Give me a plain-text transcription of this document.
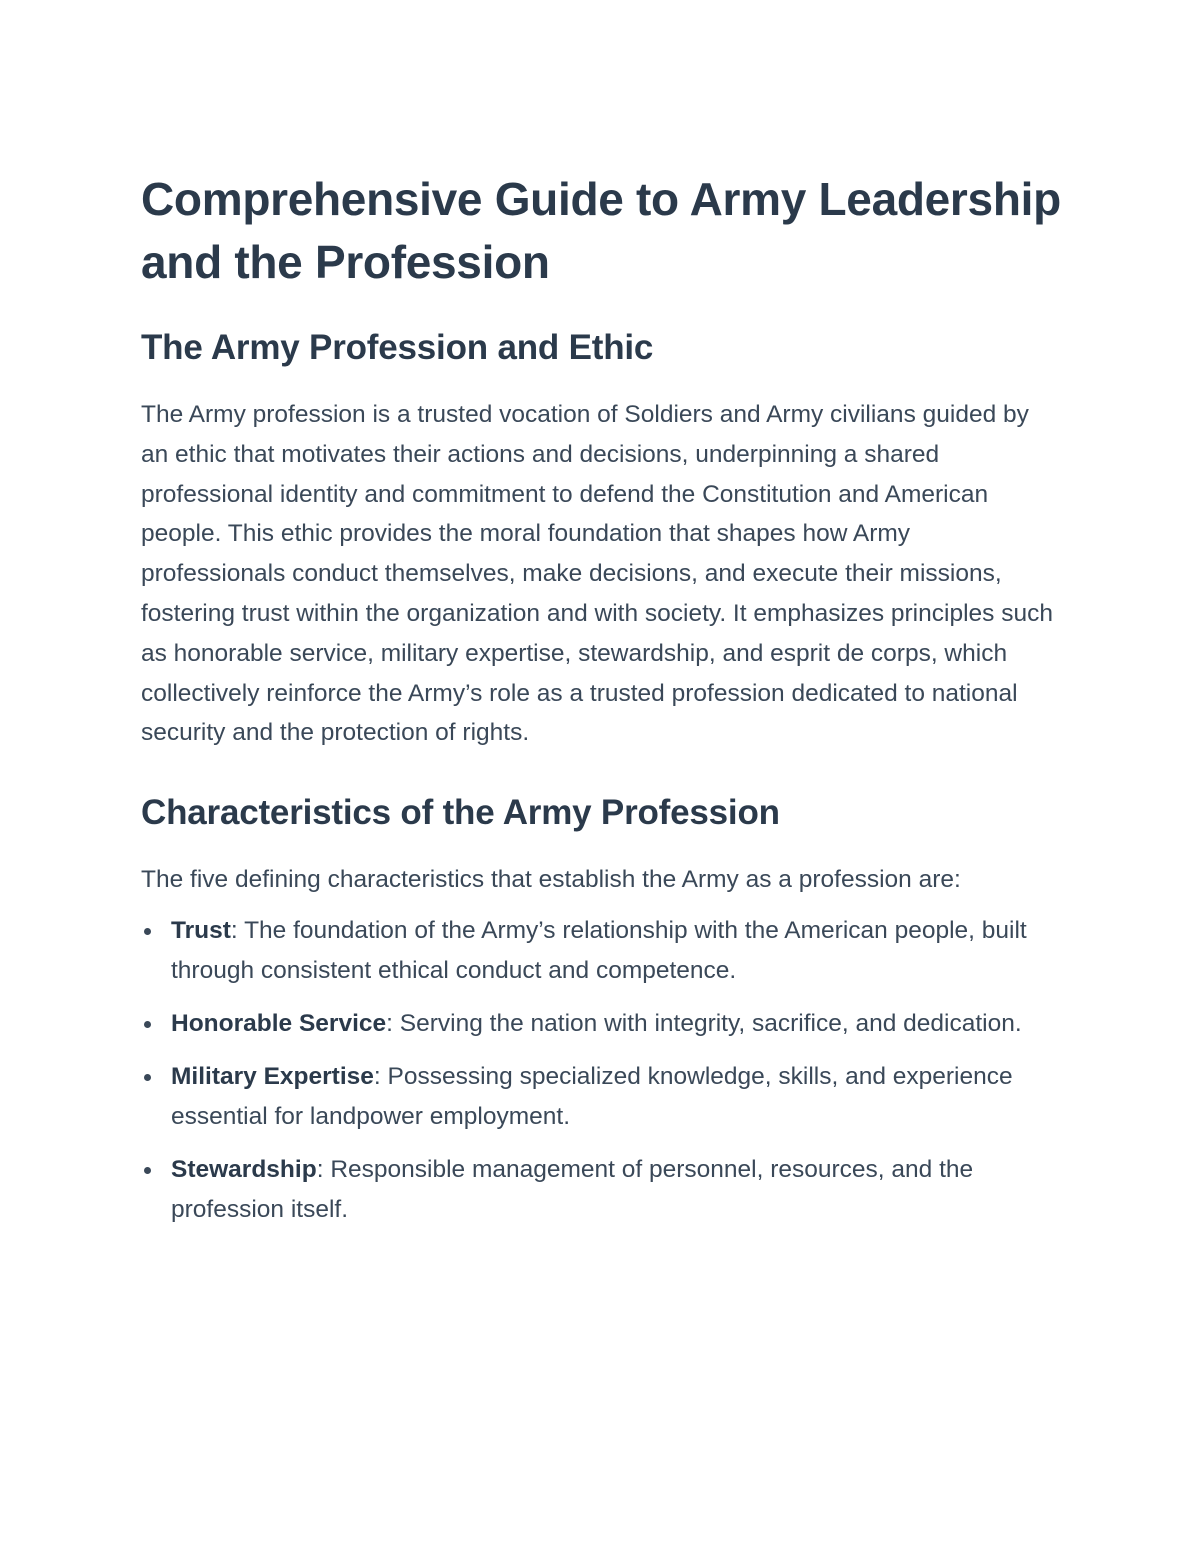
Comprehensive Guide to Army Leadership and the Profession
The Army Profession and Ethic

The Army profession is a trusted vocation of Soldiers and Army civilians guided by an ethic that motivates their actions and decisions, underpinning a shared professional identity and commitment to defend the Constitution and American people. This ethic provides the moral foundation that shapes how Army professionals conduct themselves, make decisions, and execute their missions, fostering trust within the organization and with society. It emphasizes principles such as honorable service, military expertise, stewardship, and esprit de corps, which collectively reinforce the Army’s role as a trusted profession dedicated to national security and the protection of rights.

Characteristics of the Army Profession

The five defining characteristics that establish the Army as a profession are:

Trust: The foundation of the Army’s relationship with the American people, built through consistent ethical conduct and competence.
Honorable Service: Serving the nation with integrity, sacrifice, and dedication.
Military Expertise: Possessing specialized knowledge, skills, and experience essential for landpower employment.
Stewardship: Responsible management of personnel, resources, and the profession itself.
